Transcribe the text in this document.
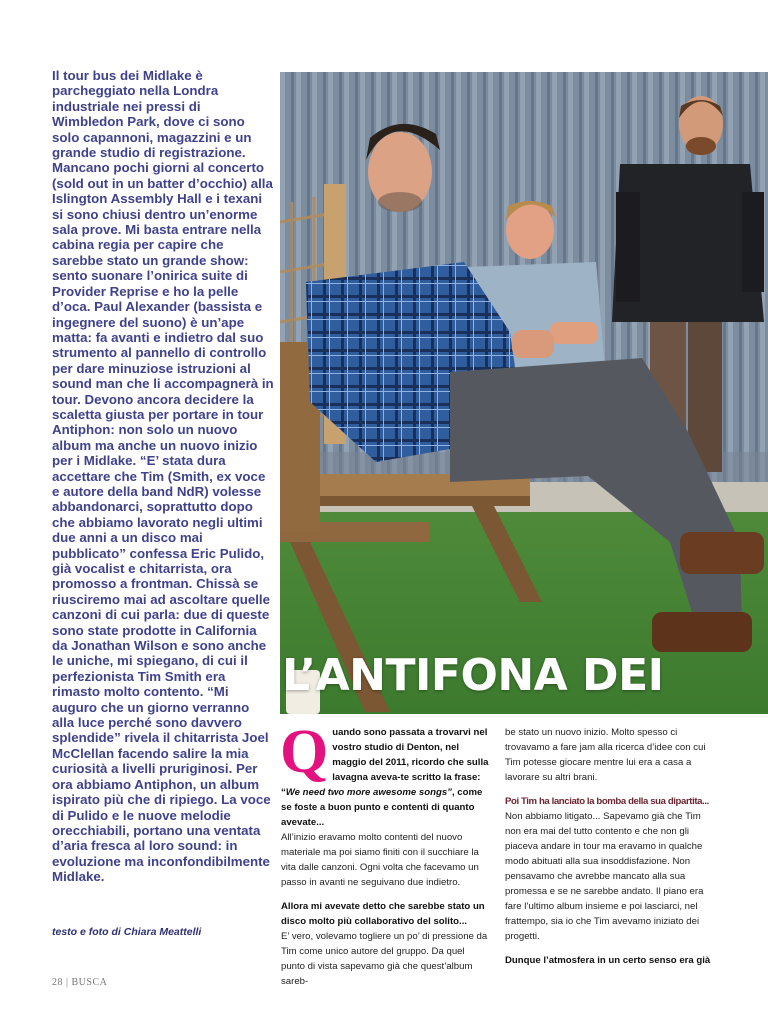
Il tour bus dei Midlake è parcheggiato nella Londra industriale nei pressi di Wimbledon Park, dove ci sono solo capannoni, magazzini e un grande studio di registrazione. Mancano pochi giorni al concerto (sold out in un batter d’occhio) alla Islington Assembly Hall e i texani si sono chiusi dentro un’enorme sala prove. Mi basta entrare nella cabina regia per capire che sarebbe stato un grande show: sento suonare l’onirica suite di Provider Reprise e ho la pelle d’oca. Paul Alexander (bassista e ingegnere del suono) è un’ape matta: fa avanti e indietro dal suo strumento al pannello di controllo per dare minuziose istruzioni al sound man che li accompagnerà in tour. Devono ancora decidere la scaletta giusta per portare in tour Antiphon: non solo un nuovo album ma anche un nuovo inizio per i Midlake. “E’ stata dura accettare che Tim (Smith, ex voce e autore della band NdR) volesse abbandonarci, soprattutto dopo che abbiamo lavorato negli ultimi due anni a un disco mai pubblicato” confessa Eric Pulido, già vocalist e chitarrista, ora promosso a frontman. Chissà se riusciremo mai ad ascoltare quelle canzoni di cui parla: due di queste sono state prodotte in California da Jonathan Wilson e sono anche le uniche, mi spiegano, di cui il perfezionista Tim Smith era rimasto molto contento. “Mi auguro che un giorno verranno alla luce perché sono davvero splendide” rivela il chitarrista Joel McClellan facendo salire la mia curiosità a livelli pruriginosi. Per ora abbiamo Antiphon, un album ispirato più che di ripiego. La voce di Pulido e le nuove melodie orecchiabili, portano una ventata d’aria fresca al loro sound: in evoluzione ma inconfondibilmente Midlake.

testo e foto di Chiara Meattelli

28 | BUSCA

L’ANTIFONA DEI

Quando sono passata a trovarvi nel vostro studio di Denton, nel maggio del 2011, ricordo che sulla lavagna aveva-te scritto la frase: “We need two more awesome songs”, come se foste a buon punto e contenti di quanto avevate...

All’inizio eravamo molto contenti del nuovo materiale ma poi siamo finiti con il succhiare la vita dalle canzoni. Ogni volta che facevamo un passo in avanti ne seguivano due indietro.

Allora mi avevate detto che sarebbe stato un disco molto più collaborativo del solito...

E’ vero, volevamo togliere un po’ di pressione da Tim come unico autore del gruppo. Da quel punto di vista sapevamo già che quest’album sareb-

be stato un nuovo inizio. Molto spesso ci trovavamo a fare jam alla ricerca d’idee con cui Tim potesse giocare mentre lui era a casa a lavorare su altri brani.

Poi Tim ha lanciato la bomba della sua dipartita...

Non abbiamo litigato... Sapevamo già che Tim non era mai del tutto contento e che non gli piaceva andare in tour ma eravamo in qualche modo abituati alla sua insoddisfazione. Non pensavamo che avrebbe mancato alla sua promessa e se ne sarebbe andato. Il piano era fare l’ultimo album insieme e poi lasciarci, nel frattempo, sia io che Tim avevamo iniziato dei progetti.

Dunque l’atmosfera in un certo senso era già
